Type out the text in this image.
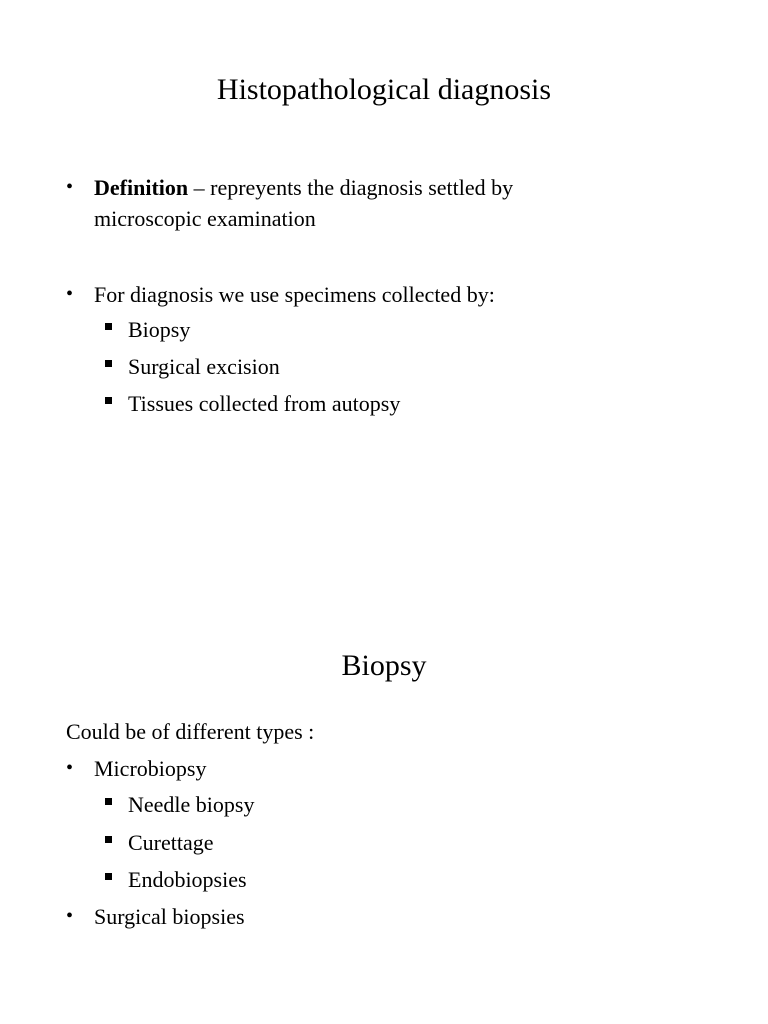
Histopathological diagnosis
• Definition – repreyents the diagnosis settled by
microscopic examination
• For diagnosis we use specimens collected by:
Biopsy
Surgical excision
Tissues collected from autopsy
Biopsy
Could be of different types :
• Microbiopsy
Needle biopsy
Curettage
Endobiopsies
• Surgical biopsies
